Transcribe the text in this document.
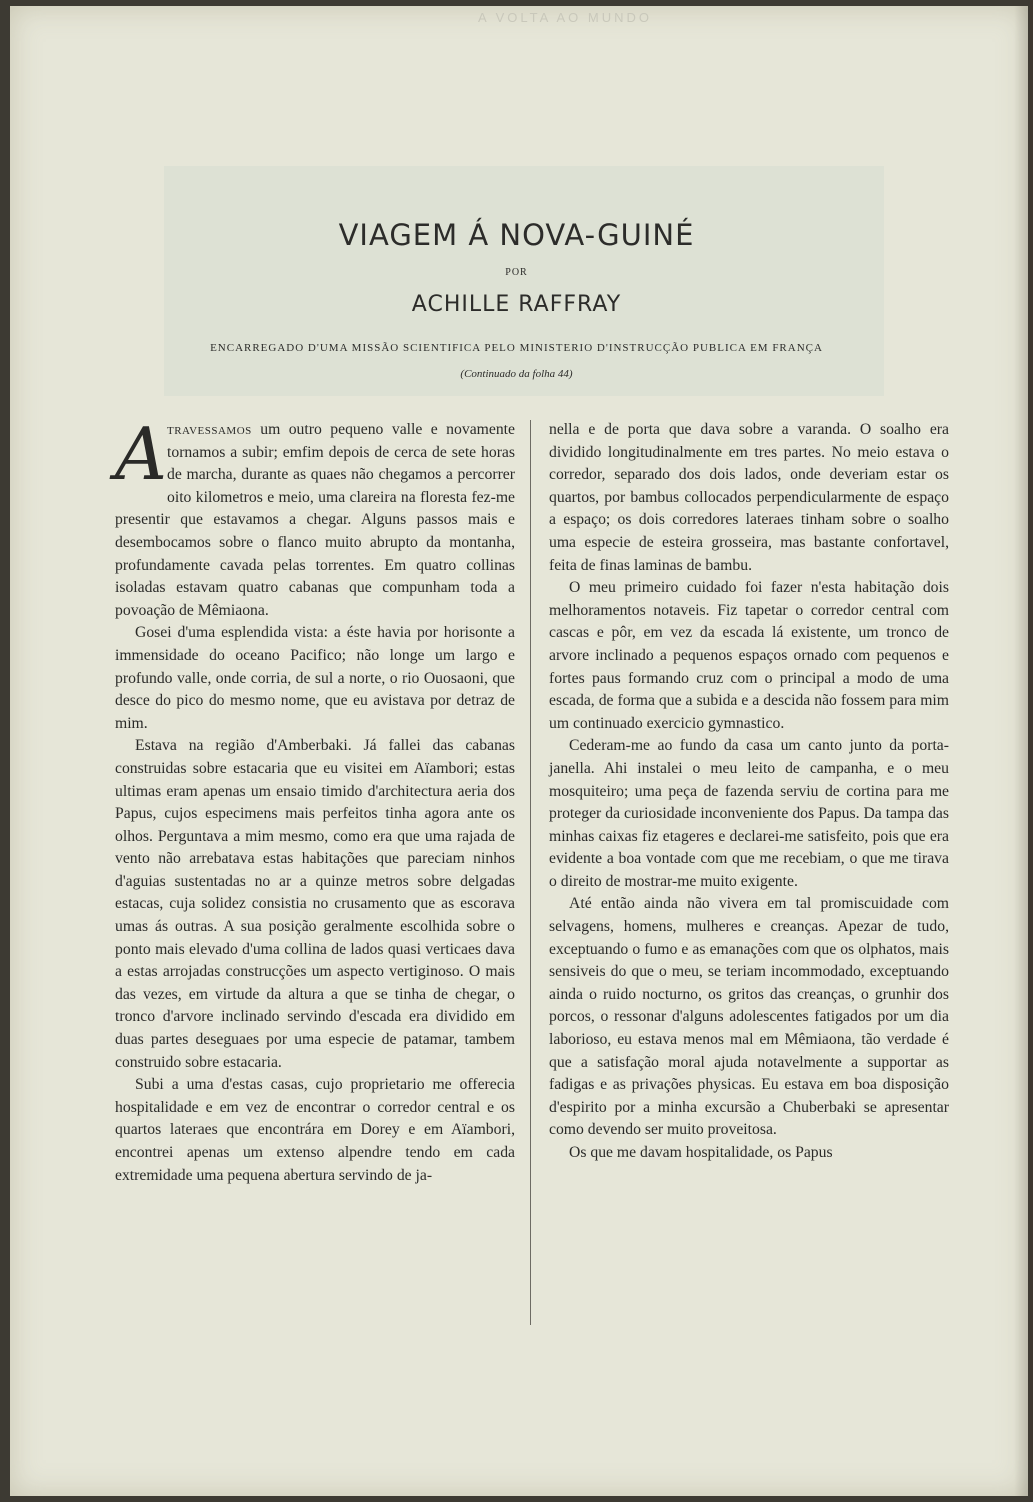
A VOLTA AO MUNDO
VIAGEM Á NOVA-GUINÉ
POR
ACHILLE RAFFRAY
ENCARREGADO D'UMA MISSÃO SCIENTIFICA PELO MINISTERIO D'INSTRUCÇÃO PUBLICA EM FRANÇA
(Continuado da folha 44)

Atravessamos um outro pequeno valle e novamente tornamos a subir; emfim depois de cerca de sete horas de marcha, durante as quaes não chegamos a percorrer oito kilometros e meio, uma clareira na floresta fez-me presentir que estavamos a chegar. Alguns passos mais e desembocamos sobre o flanco muito abrupto da montanha, profundamente cavada pelas torrentes. Em quatro collinas isoladas estavam quatro cabanas que compunham toda a povoação de Mêmiaona.

Gosei d'uma esplendida vista: a éste havia por horisonte a immensidade do oceano Pacifico; não longe um largo e profundo valle, onde corria, de sul a norte, o rio Ouosaoni, que desce do pico do mesmo nome, que eu avistava por detraz de mim.

Estava na região d'Amberbaki. Já fallei das cabanas construidas sobre estacaria que eu visitei em Aïambori; estas ultimas eram apenas um ensaio timido d'architectura aeria dos Papus, cujos especimens mais perfeitos tinha agora ante os olhos. Perguntava a mim mesmo, como era que uma rajada de vento não arrebatava estas habitações que pareciam ninhos d'aguias sustentadas no ar a quinze metros sobre delgadas estacas, cuja solidez consistia no crusamento que as escorava umas ás outras. A sua posição geralmente escolhida sobre o ponto mais elevado d'uma collina de lados quasi verticaes dava a estas arrojadas construcções um aspecto vertiginoso. O mais das vezes, em virtude da altura a que se tinha de chegar, o tronco d'arvore inclinado servindo d'escada era dividido em duas partes deseguaes por uma especie de patamar, tambem construido sobre estacaria.

Subi a uma d'estas casas, cujo proprietario me offerecia hospitalidade e em vez de encontrar o corredor central e os quartos lateraes que encontrára em Dorey e em Aïambori, encontrei apenas um extenso alpendre tendo em cada extremidade uma pequena abertura servindo de ja-

nella e de porta que dava sobre a varanda. O soalho era dividido longitudinalmente em tres partes. No meio estava o corredor, separado dos dois lados, onde deveriam estar os quartos, por bambus collocados perpendicularmente de espaço a espaço; os dois corredores lateraes tinham sobre o soalho uma especie de esteira grosseira, mas bastante confortavel, feita de finas laminas de bambu.

O meu primeiro cuidado foi fazer n'esta habitação dois melhoramentos notaveis. Fiz tapetar o corredor central com cascas e pôr, em vez da escada lá existente, um tronco de arvore inclinado a pequenos espaços ornado com pequenos e fortes paus formando cruz com o principal a modo de uma escada, de forma que a subida e a descida não fossem para mim um continuado exercicio gymnastico.

Cederam-me ao fundo da casa um canto junto da porta-janella. Ahi instalei o meu leito de campanha, e o meu mosquiteiro; uma peça de fazenda serviu de cortina para me proteger da curiosidade inconveniente dos Papus. Da tampa das minhas caixas fiz etageres e declarei-me satisfeito, pois que era evidente a boa vontade com que me recebiam, o que me tirava o direito de mostrar-me muito exigente.

Até então ainda não vivera em tal promiscuidade com selvagens, homens, mulheres e creanças. Apezar de tudo, exceptuando o fumo e as emanações com que os olphatos, mais sensiveis do que o meu, se teriam incommodado, exceptuando ainda o ruido nocturno, os gritos das creanças, o grunhir dos porcos, o ressonar d'alguns adolescentes fatigados por um dia laborioso, eu estava menos mal em Mêmiaona, tão verdade é que a satisfação moral ajuda notavelmente a supportar as fadigas e as privações physicas. Eu estava em boa disposição d'espirito por a minha excursão a Chuberbaki se apresentar como devendo ser muito proveitosa.

Os que me davam hospitalidade, os Papus
